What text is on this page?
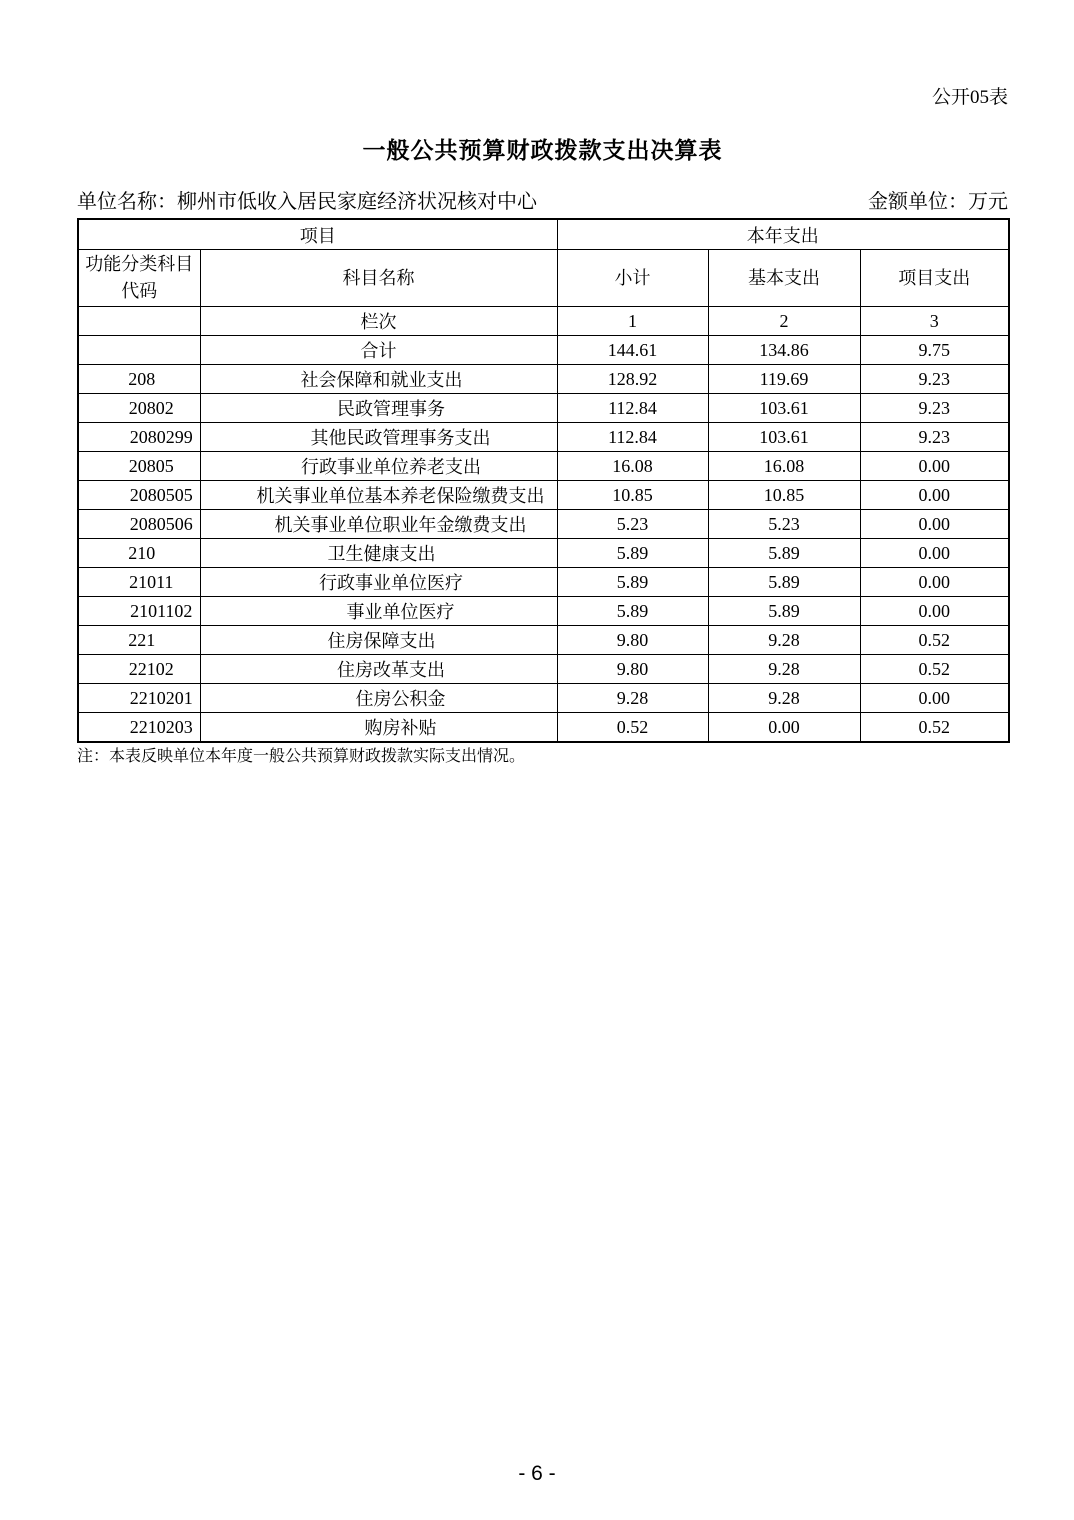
公开05表
一般公共预算财政拨款支出决算表
单位名称：柳州市低收入居民家庭经济状况核对中心	金额单位：万元
项目		本年支出		
功能分类科目代码	科目名称	小计	基本支出	项目支出
	栏次	1	2	3
	合计	144.61	134.86	9.75
208	社会保障和就业支出	128.92	119.69	9.23
20802	民政管理事务	112.84	103.61	9.23
2080299	其他民政管理事务支出	112.84	103.61	9.23
20805	行政事业单位养老支出	16.08	16.08	0.00
2080505	机关事业单位基本养老保险缴费支出	10.85	10.85	0.00
2080506	机关事业单位职业年金缴费支出	5.23	5.23	0.00
210	卫生健康支出	5.89	5.89	0.00
21011	行政事业单位医疗	5.89	5.89	0.00
2101102	事业单位医疗	5.89	5.89	0.00
221	住房保障支出	9.80	9.28	0.52
22102	住房改革支出	9.80	9.28	0.52
2210201	住房公积金	9.28	9.28	0.00
2210203	购房补贴	0.52	0.00	0.52
注：本表反映单位本年度一般公共预算财政拨款实际支出情况。
- 6 -
